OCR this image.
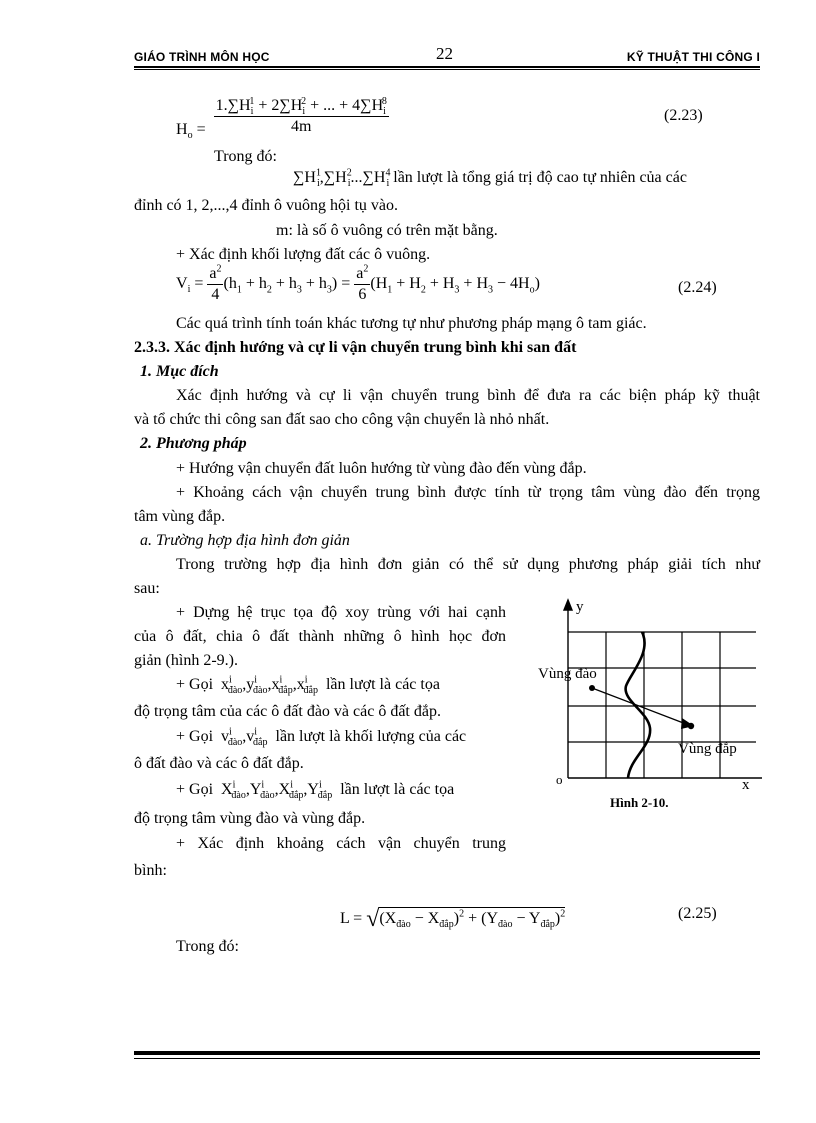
GIÁO TRÌNH MÔN HỌC	22	KỸ THUẬT THI CÔNG I
$H_o = \frac{1.\sum H_i^1 + 2\sum H_i^2 + ... + 4\sum H_i^8}{4m}$	(2.23)
Trong đó:
$\sum H^1_i,\sum H^2_i...\sum H^4_i$ lần lượt là tổng giá trị độ cao tự nhiên của các
đỉnh có 1, 2,...,4 đỉnh ô vuông hội tụ vào.
m: là số ô vuông có trên mặt bằng.
+ Xác định khối lượng đất các ô vuông.
$V_i = \frac{a^2}{4} (h_1 + h_2 + h_3 + h_3) = \frac{a^2}{6} (H_1 + H_2 + H_3 + H_3 - 4H_o)$	(2.24)
Các quá trình tính toán khác tương tự như phương pháp mạng ô tam giác.
2.3.3. Xác định hướng và cự li vận chuyển trung bình khi san đất
1. Mục đích
Xác định hướng và cự li vận chuyển trung bình để đưa ra các biện pháp kỹ thuật
và tổ chức thi công san đất sao cho công vận chuyển là nhỏ nhất.
2. Phương pháp
+ Hướng vận chuyển đất luôn hướng từ vùng đào đến vùng đắp.
+ Khoảng cách vận chuyển trung bình được tính từ trọng tâm vùng đào đến trọng
tâm vùng đắp.
a. Trường hợp địa hình đơn giản
Trong trường hợp địa hình đơn giản có thể sử dụng phương pháp giải tích như
sau:
+ Dựng hệ trục tọa độ xoy trùng với hai cạnh
của ô đất, chia ô đất thành những ô hình học đơn
giản (hình 2-9.).
+ Gọi $x^i_{đào},y^i_{đào},x^i_{đắp},x^i_{đắp}$ lần lượt là các tọa
độ trọng tâm của các ô đất đào và các ô đất đắp.
+ Gọi $v^i_{đào},v^i_{đắp}$ lần lượt là khối lượng của các
ô đất đào và các ô đất đắp.
+ Gọi $X^i_{đào},Y^i_{đào},X^i_{đắp},Y^i_{đắp}$ lần lượt là các tọa
độ trọng tâm vùng đào và vùng đắp.
+ Xác định khoảng cách vận chuyển trung
bình:
y
x
o
Vùng đào
Vùng đắp
Hình 2-10.
$L = √(X_{đào} - X_{đắp})^2 + (Y_{đào} - Y_{đắp})^2$	(2.25)
Trong đó:
